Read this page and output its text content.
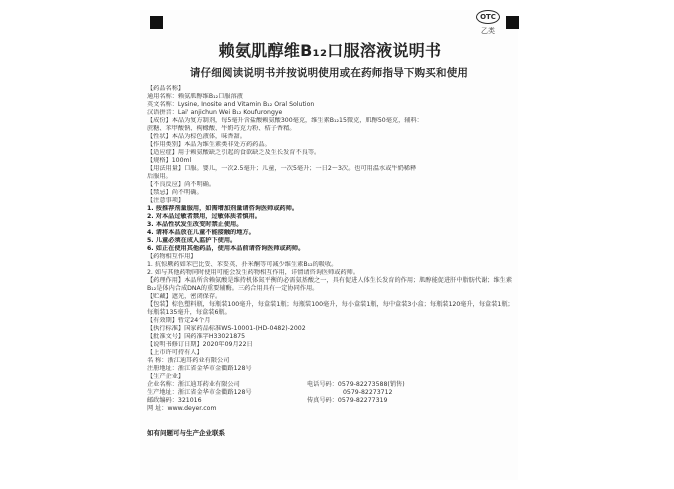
OTC
乙类
赖氨肌醇维B₁₂口服溶液说明书
请仔细阅读说明书并按说明使用或在药师指导下购买和使用
【药品名称】
通用名称：赖氨肌醇维B₁₂口服溶液
英文名称：Lysine, Inosite and Vitamin B₁₂ Oral Solution
汉语拼音：Lai' anjichun Wei B₁₂ Koufurongye
【成份】本品为复方制剂，每5毫升含盐酸赖氨酸300毫克，维生素B₁₂15微克，肌醇50毫克，辅料：
蔗糖、苯甲酸钠、枸橼酸、牛奶巧克力粉、桔子香精。
【性状】本品为棕色液体，味香甜。
【作用类别】本品为维生素类非处方药药品。
【适应症】用于赖氨酸缺乏引起的食欲缺乏及生长发育不良等。
【规格】100ml
【用法用量】口服。婴儿，一次2.5毫升；儿童，一次5毫升；一日2～3次。也可用温水或牛奶稀释
后服用。
【不良反应】尚不明确。
【禁忌】尚不明确。
【注意事项】
1. 按推荐剂量服用，如需增加剂量请咨询医师或药师。
2. 对本品过敏者禁用，过敏体质者慎用。
3. 本品性状发生改变时禁止使用。
4. 请将本品放在儿童不能接触的地方。
5. 儿童必须在成人监护下使用。
6. 如正在使用其他药品，使用本品前请咨询医师或药师。
【药物相互作用】
1. 抗惊厥药如苯巴比妥、苯妥英、扑米酮等可减少维生素B₁₂的吸收。
2. 如与其他药物同时使用可能会发生药物相互作用，详情请咨询医师或药师。
【药理作用】本品所含赖氨酸是维持机体氮平衡的必需氨基酸之一，具有促进人体生长发育的作用；肌醇能促进肝中脂肪代谢；维生素B₁₂是体内合成DNA的重要辅酶。三药合用具有一定协同作用。
【贮藏】遮光，密闭保存。
【包装】棕色塑料瓶，每瓶装100毫升，每盒装1瓶；每瓶装100毫升，每小盒装1瓶，每中盒装3小盒；每瓶装120毫升，每盒装1瓶；每瓶装135毫升，每盒装6瓶。
【有效期】暂定24个月
【执行标准】国家药品标准WS-10001-(HD-0482)-2002
【批准文号】国药准字H33021875
【说明书修订日期】2020年09月22日
【上市许可持有人】
名 称：浙江迪耳药业有限公司
注册地址：浙江省金华市金衢路128号
【生产企业】
企业名称：浙江迪耳药业有限公司	电话号码：0579-82273588(销售)
生产地址：浙江省金华市金衢路128号	0579-82273712
邮政编码：321016	传真号码：0579-82277319
网 址：www.deyer.com
如有问题可与生产企业联系
